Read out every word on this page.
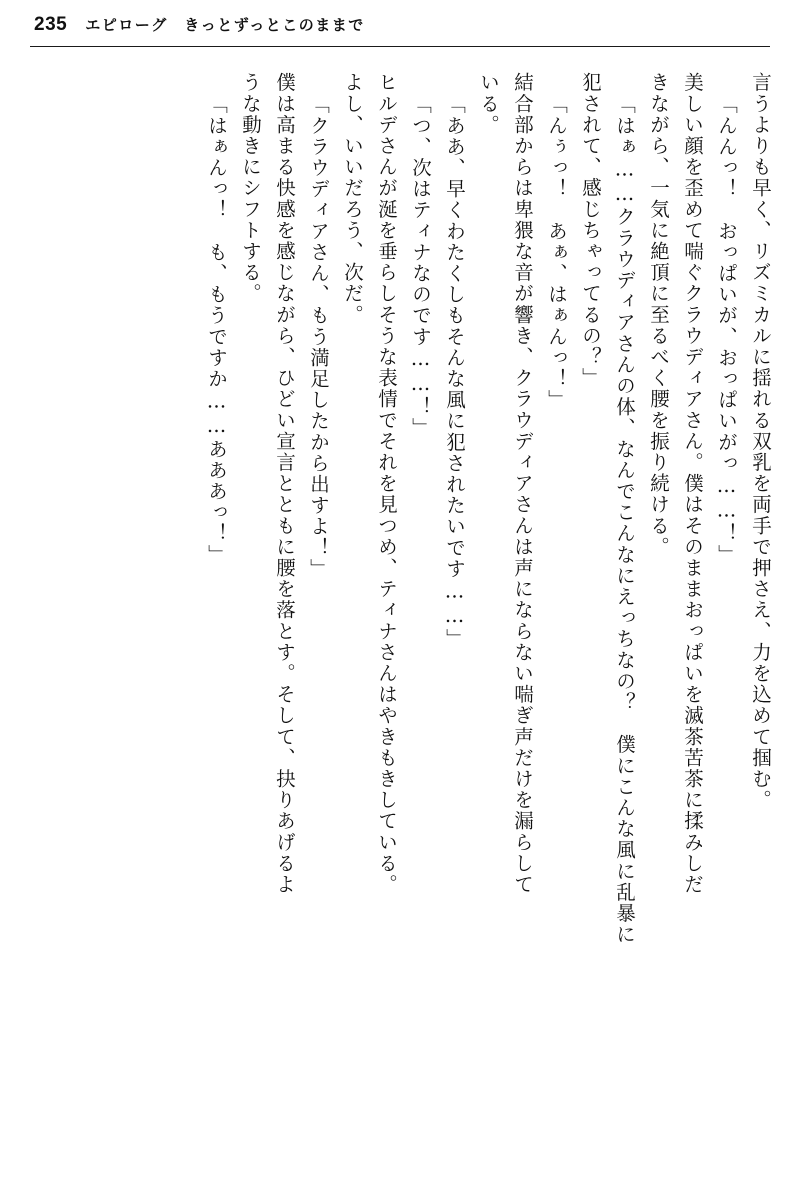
235 エピローグ　きっとずっとこのままで
言うよりも早く、リズミカルに揺れる双乳を両手で押さえ、力を込めて掴む。
「んんっ！　おっぱいが、おっぱいがっ……！」
美しい顔を歪めて喘ぐクラウディアさん。僕はそのままおっぱいを滅茶苦茶に揉みしだ
きながら、一気に絶頂に至るべく腰を振り続ける。
「はぁ……クラウディアさんの体、なんでこんなにえっちなの？　僕にこんな風に乱暴に
犯されて、感じちゃってるの？」
「んぅっ！　あぁ、はぁんっ！」
結合部からは卑猥な音が響き、クラウディアさんは声にならない喘ぎ声だけを漏らして
いる。
「ああ、早くわたくしもそんな風に犯されたいです……」
「つ、次はティナなのです……！」
ヒルデさんが涎を垂らしそうな表情でそれを見つめ、ティナさんはやきもきしている。
よし、いいだろう、次だ。
「クラウディアさん、もう満足したから出すよ！」
僕は高まる快感を感じながら、ひどい宣言とともに腰を落とす。そして、抉りあげるよ
うな動きにシフトする。
「はぁんっ！　も、もうですか……あああっ！」
